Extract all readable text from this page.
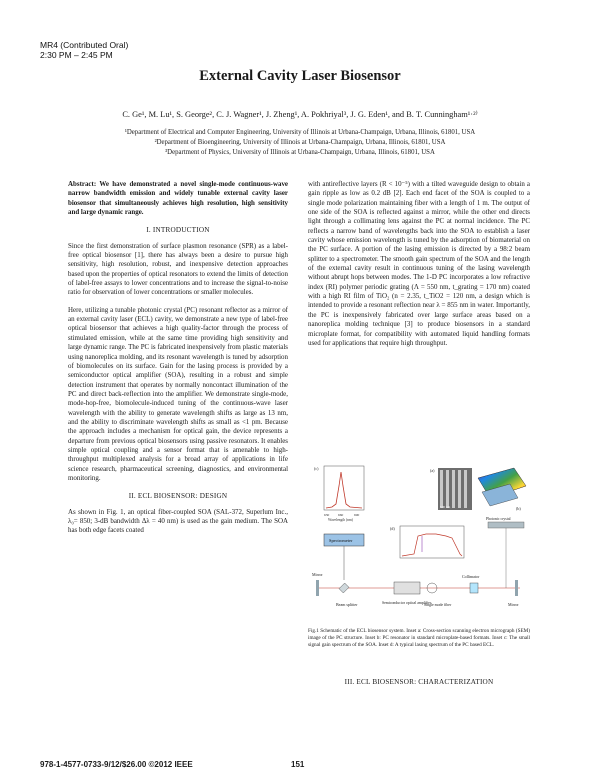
MR4 (Contributed Oral)
2:30 PM – 2:45 PM
External Cavity Laser Biosensor
C. Ge¹, M. Lu¹, S. George², C. J. Wagner¹, J. Zheng¹, A. Pokhriyal³, J. G. Eden¹, and B. T. Cunningham¹·²⁾
¹Department of Electrical and Computer Engineering, University of Illinois at Urbana-Champaign, Urbana, Illinois, 61801, USA
²Department of Bioengineering, University of Illinois at Urbana-Champaign, Urbana, Illinois, 61801, USA
³Department of Physics, University of Illinois at Urbana-Champaign, Urbana, Illinois, 61801, USA

Abstract: We have demonstrated a novel single-mode continuous-wave narrow bandwidth emission and widely tunable external cavity laser biosensor that simultaneously achieves high resolution, high sensitivity and large dynamic range.

I. INTRODUCTION

Since the first demonstration of surface plasmon resonance (SPR) as a label-free optical biosensor [1], there has always been a desire to pursue high sensitivity, high resolution, robust, and inexpensive detection approaches based upon the properties of optical resonators to extend the limits of detection of label-free assays to lower concentrations and to increase the signal-to-noise ratio for observation of lower concentrations or smaller molecules.

Here, utilizing a tunable photonic crystal (PC) resonant reflector as a mirror of an external cavity laser (ECL) cavity, we demonstrate a new type of label-free optical biosensor that achieves a high quality-factor through the process of stimulated emission, while at the same time providing high sensitivity and large dynamic range. The PC is fabricated inexpensively from plastic materials using nanoreplica molding, and its resonant wavelength is tuned by adsorption of biomolecules on its surface. Gain for the lasing process is provided by a semiconductor optical amplifier (SOA), resulting in a robust and simple detection instrument that operates by normally noncontact illumination of the PC and direct back-reflection into the amplifier. We demonstrate single-mode, mode-hop-free, biomolecule-induced tuning of the continuous-wave laser wavelength with the ability to generate wavelength shifts as large as 13 nm, and the ability to discriminate wavelength shifts as small as <1 pm. Because the approach includes a mechanism for optical gain, the device represents a departure from previous optical biosensors using passive resonators. It enables simple optical coupling and a sensor format that is amenable to high-throughput multiplexed analysis for a broad array of applications in life science research, pharmaceutical screening, diagnostics, and environmental monitoring.

II. ECL BIOSENSOR: DESIGN

As shown in Fig. 1, an optical fiber-coupled SOA (SAL-372, Superlum Inc., λ₀= 850; 3-dB bandwidth Δλ = 40 nm) is used as the gain medium. The SOA has both edge facets coated

with antireflective layers (R < 10⁻⁵) with a tilted waveguide design to obtain a gain ripple as low as 0.2 dB [2]. Each end facet of the SOA is coupled to a single mode polarization maintaining fiber with a length of 1 m. The output of one side of the SOA is reflected against a mirror, while the other end directs light through a collimating lens against the PC at normal incidence. The PC reflects a narrow band of wavelengths back into the SOA to establish a laser cavity whose emission wavelength is tuned by the adsorption of biomaterial on the PC surface. A portion of the lasing emission is directed by a 98:2 beam splitter to a spectrometer. The smooth gain spectrum of the SOA and the length of the external cavity result in continuous tuning of the lasing wavelength without abrupt hops between modes. The 1-D PC incorporates a low refractive index (RI) polymer periodic grating (Λ = 550 nm, t_grating = 170 nm) coated with a high RI film of TiO₂ (n = 2.35, t_TiO2 = 120 nm, a design which is intended to provide a resonant reflection near λ = 855 nm in water. Importantly, the PC is inexpensively fabricated over large surface areas based on a nanoreplica molding technique [3] to produce biosensors in a standard microplate format, for compatibility with automated liquid handling formats used for applications that require high throughput.

630	660	690
Wavelength (nm)
(c)
500 nm
(a)
(b)
Photonic crystal
Spectrometer
(d)
Mirror
Beam splitter	Semiconductor optical amplifier
Single mode fiber
Collimator
Mirror
Fig.1 Schematic of the ECL biosensor system. Inset a: Cross-section scanning electron micrograph (SEM) image of the PC structure. Inset b: PC resonator in standard microplate-based formats. Inset c: The small signal gain spectrum of the SOA. Inset d: A typical lasing spectrum of the PC based ECL.
III. ECL BIOSENSOR: CHARACTERIZATION
978-1-4577-0733-9/12/$26.00 ©2012 IEEE	151
